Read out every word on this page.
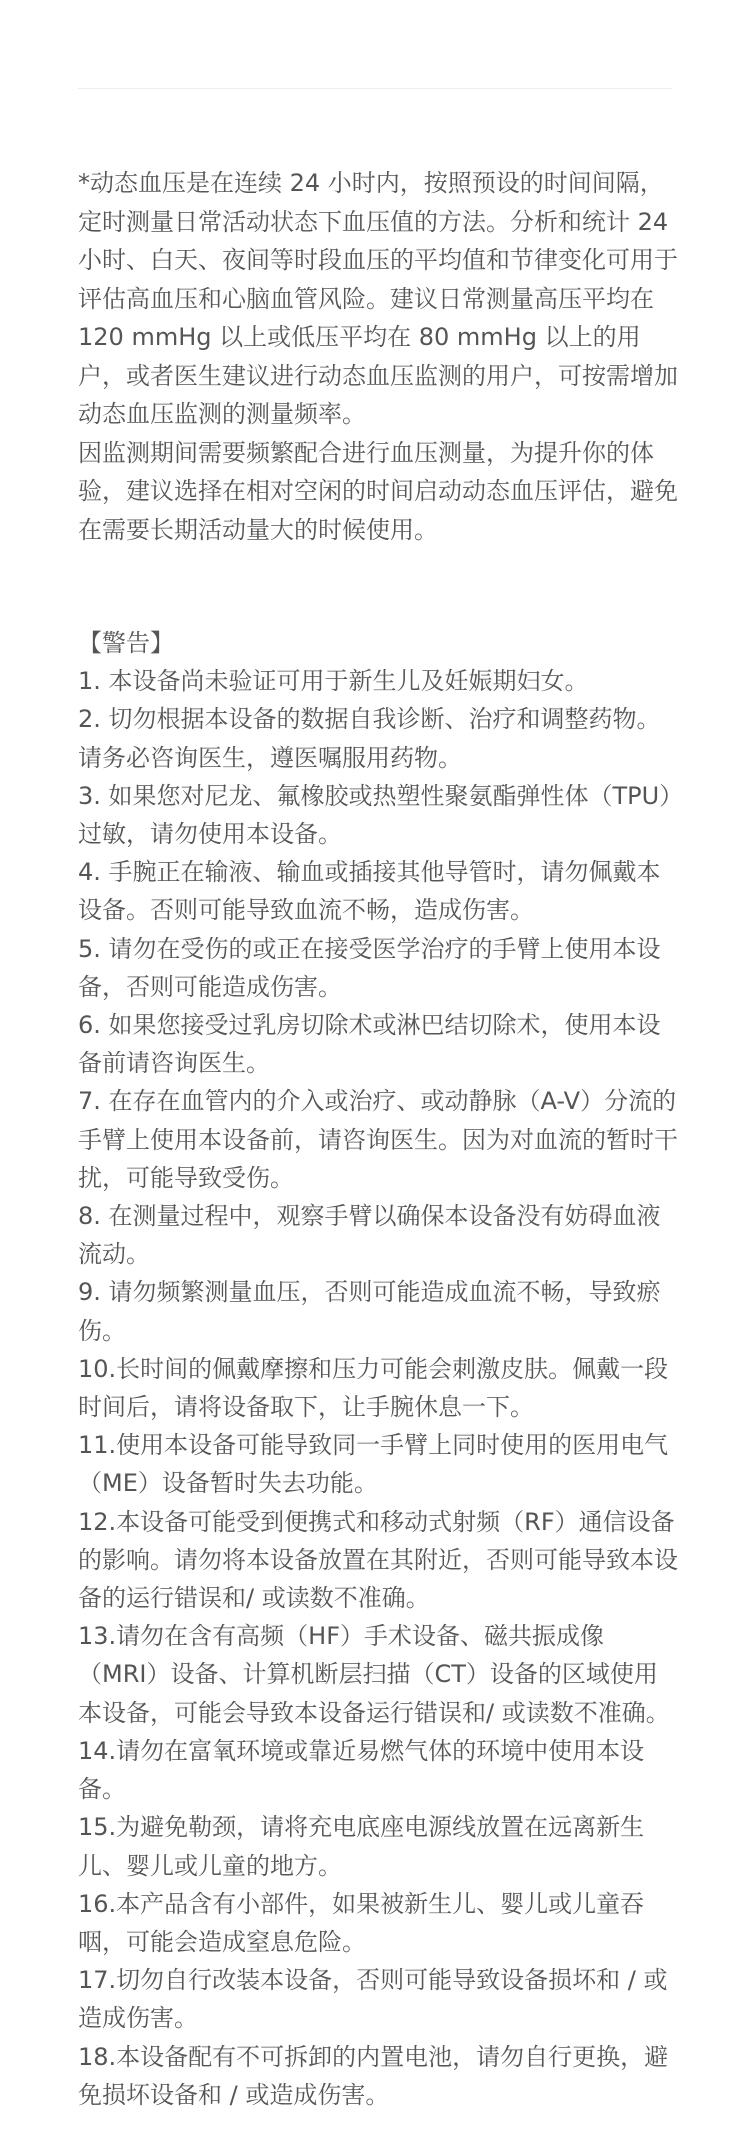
*动态血压是在连续 24 小时内，按照预设的时间间隔，定时测量日常活动状态下血压值的方法。分析和统计 24 小时、白天、夜间等时段血压的平均值和节律变化可用于评估高血压和心脑血管风险。建议日常测量高压平均在 120 mmHg 以上或低压平均在 80 mmHg 以上的用户，或者医生建议进行动态血压监测的用户，可按需增加动态血压监测的测量频率。

因监测期间需要频繁配合进行血压测量，为提升你的体验，建议选择在相对空闲的时间启动动态血压评估，避免在需要长期活动量大的时候使用。

【警告】

1. 本设备尚未验证可用于新生儿及妊娠期妇女。

2. 切勿根据本设备的数据自我诊断、治疗和调整药物。请务必咨询医生，遵医嘱服用药物。

3. 如果您对尼龙、氟橡胶或热塑性聚氨酯弹性体（TPU）过敏，请勿使用本设备。

4. 手腕正在输液、输血或插接其他导管时，请勿佩戴本设备。否则可能导致血流不畅，造成伤害。

5. 请勿在受伤的或正在接受医学治疗的手臂上使用本设备，否则可能造成伤害。

6. 如果您接受过乳房切除术或淋巴结切除术，使用本设备前请咨询医生。

7. 在存在血管内的介入或治疗、或动静脉（A-V）分流的手臂上使用本设备前，请咨询医生。因为对血流的暂时干扰，可能导致受伤。

8. 在测量过程中，观察手臂以确保本设备没有妨碍血液流动。

9. 请勿频繁测量血压，否则可能造成血流不畅，导致瘀伤。

10.长时间的佩戴摩擦和压力可能会刺激皮肤。佩戴一段时间后，请将设备取下，让手腕休息一下。

11.使用本设备可能导致同一手臂上同时使用的医用电气（ME）设备暂时失去功能。

12.本设备可能受到便携式和移动式射频（RF）通信设备的影响。请勿将本设备放置在其附近，否则可能导致本设备的运行错误和/ 或读数不准确。

13.请勿在含有高频（HF）手术设备、磁共振成像（MRI）设备、计算机断层扫描（CT）设备的区域使用本设备，可能会导致本设备运行错误和/ 或读数不准确。

14.请勿在富氧环境或靠近易燃气体的环境中使用本设备。

15.为避免勒颈，请将充电底座电源线放置在远离新生儿、婴儿或儿童的地方。

16.本产品含有小部件，如果被新生儿、婴儿或儿童吞咽，可能会造成窒息危险。

17.切勿自行改装本设备，否则可能导致设备损坏和 / 或造成伤害。

18.本设备配有不可拆卸的内置电池，请勿自行更换，避免损坏设备和 / 或造成伤害。
